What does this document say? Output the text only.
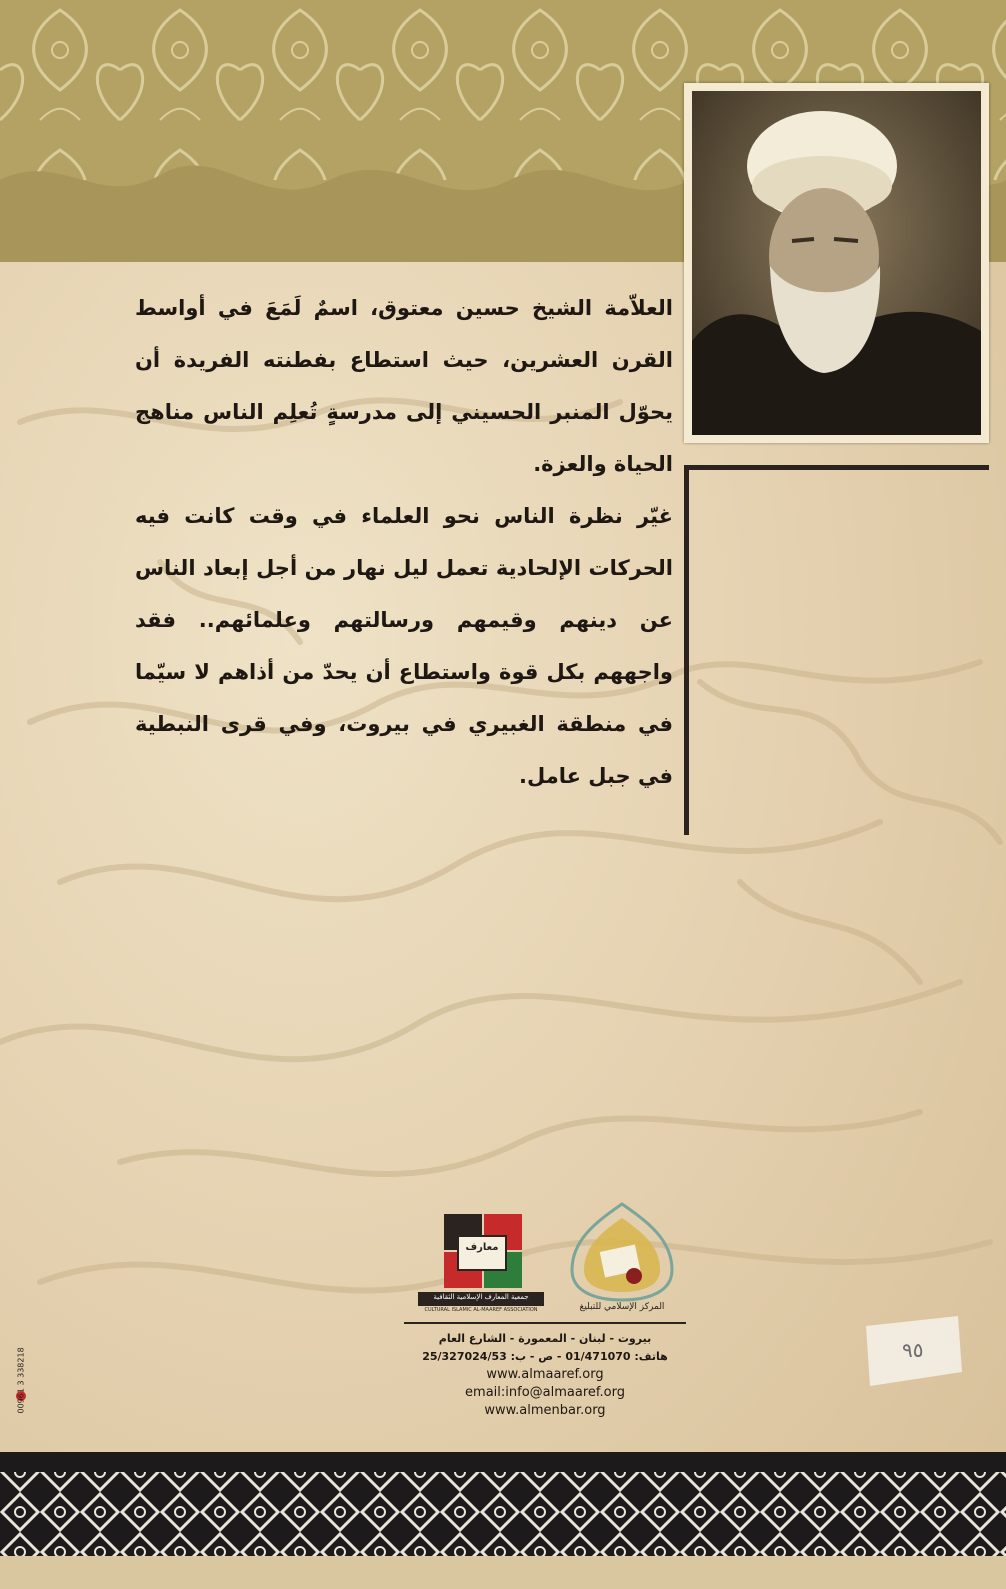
العلاّمة الشيخ حسين معتوق، اسمٌ لَمَعَ في أواسط القرن العشرين، حيث استطاع بفطنته الفريدة أن يحوّل المنبر الحسيني إلى مدرسةٍ تُعلِم الناس مناهج الحياة والعزة.

غيّر نظرة الناس نحو العلماء في وقت كانت فيه الحركات الإلحادية تعمل ليل نهار من أجل إبعاد الناس عن دينهم وقيمهم ورسالتهم وعلمائهم.. فقد واجههم بكل قوة واستطاع أن يحدّ من أذاهم لا سيّما في منطقة الغبيري في بيروت، وفي قرى النبطية في جبل عامل.

معارف
جمعية المعارف الإسلامية الثقافية
CULTURAL ISLAMIC AL-MAAREF ASSOCIATION	المركز الإسلامي للتبليغ
بيروت - لبنان - المعمورة - الشارع العام
هاتف: 01/471070 - ص - ب: 25/327024/53
www.almaaref.org
email:info@almaaref.org
www.almenbar.org
00961 3 338218	٩٥
